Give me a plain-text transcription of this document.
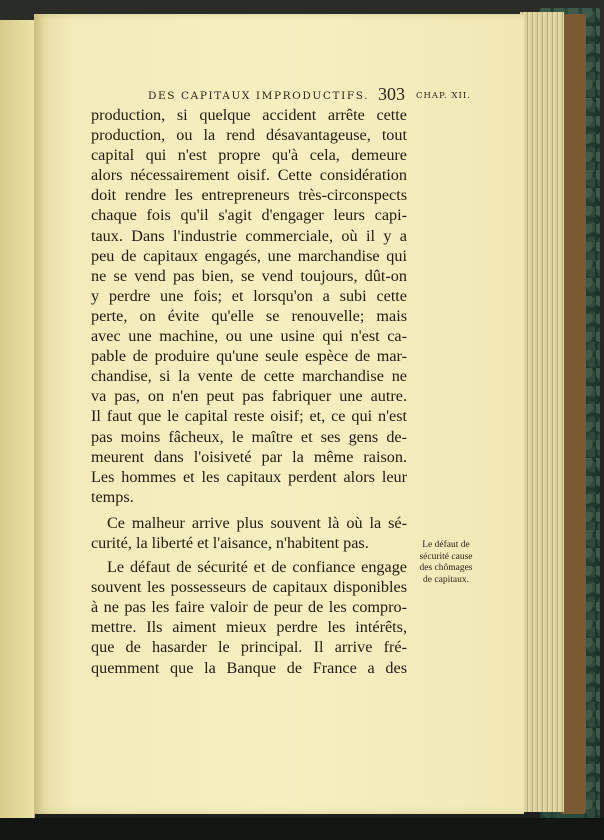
DES CAPITAUX IMPRODUCTIFS. 303 CHAP. XII.
production, si quelque accident arrête cette
production, ou la rend désavantageuse, tout
capital qui n'est propre qu'à cela, demeure
alors nécessairement oisif. Cette considération
doit rendre les entrepreneurs très-circonspects
chaque fois qu'il s'agit d'engager leurs capi-
taux. Dans l'industrie commerciale, où il y a
peu de capitaux engagés, une marchandise qui
ne se vend pas bien, se vend toujours, dût-on
y perdre une fois; et lorsqu'on a subi cette
perte, on évite qu'elle se renouvelle; mais
avec une machine, ou une usine qui n'est ca-
pable de produire qu'une seule espèce de mar-
chandise, si la vente de cette marchandise ne
va pas, on n'en peut pas fabriquer une autre.
Il faut que le capital reste oisif; et, ce qui n'est
pas moins fâcheux, le maître et ses gens de-
meurent dans l'oisiveté par la même raison.
Les hommes et les capitaux perdent alors leur
temps.
Ce malheur arrive plus souvent là où la sé-
curité, la liberté et l'aisance, n'habitent pas.
Le défaut de sécurité et de confiance engage
souvent les possesseurs de capitaux disponibles
à ne pas les faire valoir de peur de les compro-
mettre. Ils aiment mieux perdre les intérêts,
que de hasarder le principal. Il arrive fré-
quemment que la Banque de France a des
Le défaut de
sécurité cause
des chômages
de capitaux.
